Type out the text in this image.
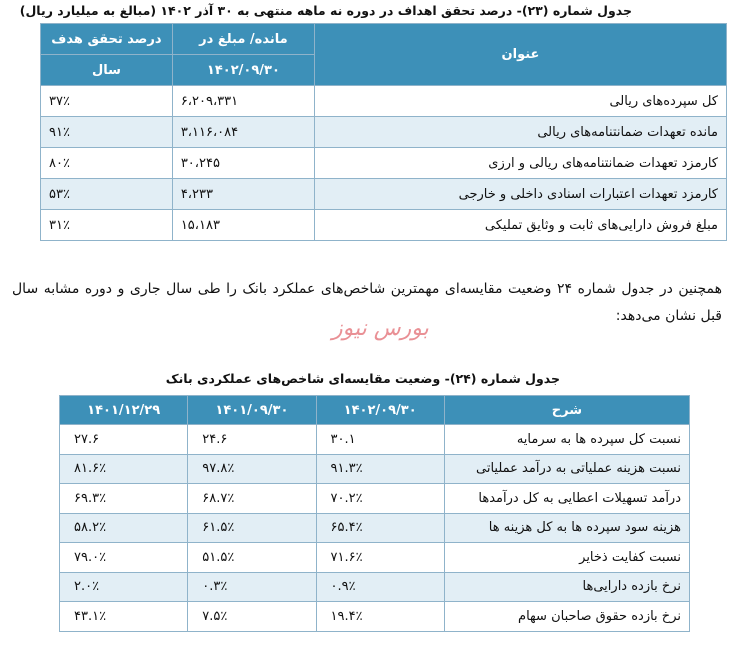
جدول شماره (۲۳)- درصد تحقق اهداف در دوره نه ماهه منتهی به ۳۰ آذر ۱۴۰۲ (مبالغ به میلیارد ریال)
عنوان	مانده/ مبلغ در	درصد تحقق هدف
	۱۴۰۲/۰۹/۳۰	سال
کل سپرده‌های ریالی	۶،۲۰۹،۳۳۱	۳۷٪
مانده تعهدات ضمانتنامه‌های ریالی	۳،۱۱۶،۰۸۴	۹۱٪
کارمزد تعهدات ضمانتنامه‌های ریالی و ارزی	۳۰،۲۴۵	۸۰٪
کارمزد تعهدات اعتبارات اسنادی داخلی و خارجی	۴،۲۳۳	۵۳٪
مبلغ فروش دارایی‌های ثابت و وثایق تملیکی	۱۵،۱۸۳	۳۱٪
همچنین در جدول شماره ۲۴ وضعیت مقایسه‌ای مهمترین شاخص‌های عملکرد بانک را طی سال جاری و دوره مشابه سال قبل نشان می‌دهد:
بورس نیوز
جدول شماره (۲۴)- وضعیت مقایسه‌ای شاخص‌های عملکردی بانک
شرح	۱۴۰۲/۰۹/۳۰	۱۴۰۱/۰۹/۳۰	۱۴۰۱/۱۲/۲۹
نسبت کل سپرده ها به سرمایه	۳۰.۱	۲۴.۶	۲۷.۶
نسبت هزینه عملیاتی به درآمد عملیاتی	۹۱.۳٪	۹۷.۸٪	۸۱.۶٪
درآمد تسهیلات اعطایی به کل درآمدها	۷۰.۲٪	۶۸.۷٪	۶۹.۳٪
هزینه سود سپرده ها به کل هزینه ها	۶۵.۴٪	۶۱.۵٪	۵۸.۲٪
نسبت کفایت ذخایر	۷۱.۶٪	۵۱.۵٪	۷۹.۰٪
نرخ بازده دارایی‌ها	۰.۹٪	۰.۳٪	۲.۰٪
نرخ بازده حقوق صاحبان سهام	۱۹.۴٪	۷.۵٪	۴۳.۱٪
